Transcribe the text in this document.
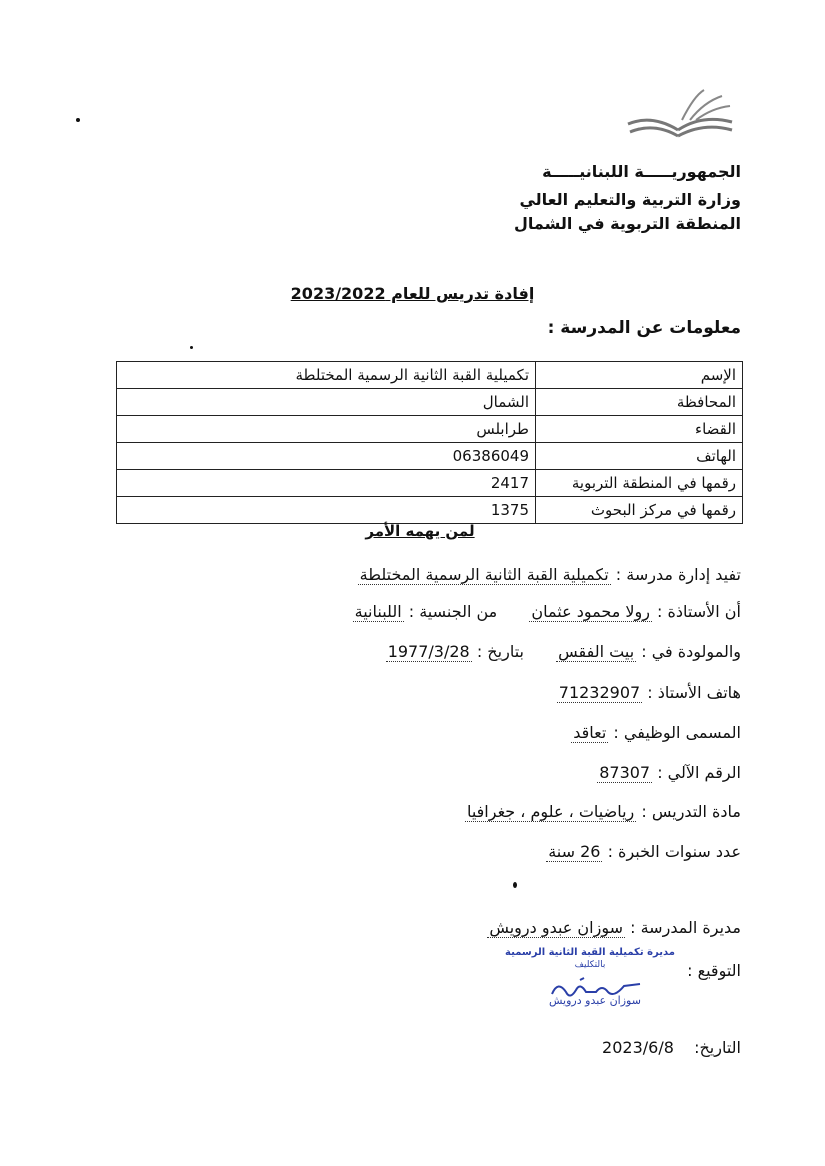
الجمهوريـــــة اللبنانيـــــة
وزارة التربية والتعليم العالي
المنطقة التربوية في الشمال
إفادة تدريس للعام 2023/2022
معلومات عن المدرسة :
الإسم	تكميلية القبة الثانية الرسمية المختلطة
المحافظة	الشمال
القضاء	طرابلس
الهاتف	06386049
رقمها في المنطقة التربوية	2417
رقمها في مركز البحوث	1375
لمن يهمه الأمر
تفيد إدارة مدرسة : تكميلية القبة الثانية الرسمية المختلطة
أن الأستاذة : رولا محمود عثمان  من الجنسية : اللبنانية
والمولودة في : بيت الفقس  بتاريخ : 1977/3/28
هاتف الأستاذ : 71232907
المسمى الوظيفي : تعاقد
الرقم الآلي : 87307
مادة التدريس : رياضيات ، علوم ، جغرافيا
عدد سنوات الخبرة : 26 سنة
مديرة المدرسة : سوزان عبدو درويش
التوقيع :
مديرة تكميلية القبة الثانية الرسمية
بالتكليف
سوزان عبدو درويش
التاريخ:  2023/6/8
